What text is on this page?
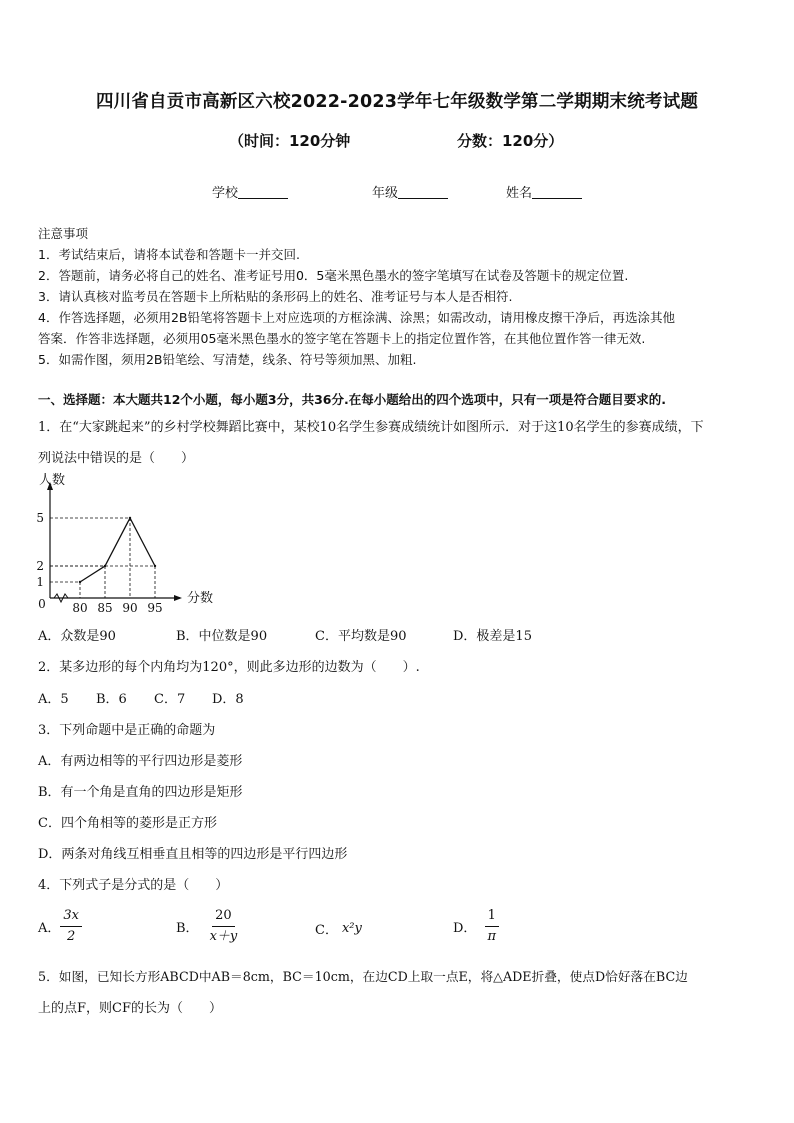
四川省自贡市高新区六校2022-2023学年七年级数学第二学期期末统考试题
（时间：120分钟	分数：120分）
学校	年级	姓名
注意事项
1．考试结束后，请将本试卷和答题卡一并交回.
2．答题前，请务必将自己的姓名、准考证号用0．5毫米黑色墨水的签字笔填写在试卷及答题卡的规定位置.
3．请认真核对监考员在答题卡上所粘贴的条形码上的姓名、准考证号与本人是否相符.
4．作答选择题，必须用2B铅笔将答题卡上对应选项的方框涂满、涂黑；如需改动，请用橡皮擦干净后，再选涂其他
答案．作答非选择题，必须用05毫米黑色墨水的签字笔在答题卡上的指定位置作答，在其他位置作答一律无效.
5．如需作图，须用2B铅笔绘、写清楚，线条、符号等须加黑、加粗.
一、选择题：本大题共12个小题，每小题3分，共36分.在每小题给出的四个选项中，只有一项是符合题目要求的.
1．在“大家跳起来”的乡村学校舞蹈比赛中，某校10名学生参赛成绩统计如图所示．对于这10名学生的参赛成绩，下
列说法中错误的是（　　）
人数
分数
0
1
2
5
80 85 90 95
A．众数是90	B．中位数是90	C．平均数是90	D．极差是15
2．某多边形的每个内角均为120°，则此多边形的边数为（　　）.
A．5 B．6 C．7 D．8
3．下列命题中是正确的命题为
A．有两边相等的平行四边形是菱形
B．有一个角是直角的四边形是矩形
C．四个角相等的菱形是正方形
D．两条对角线互相垂直且相等的四边形是平行四边形
4．下列式子是分式的是（　　）
A． $\frac{3x}{2}$	B． $\frac{20}{x+y}$	C． x²y	D． $\frac{1}{\pi}$
5．如图，已知长方形ABCD中AB＝8cm，BC＝10cm，在边CD上取一点E，将△ADE折叠，使点D恰好落在BC边
上的点F，则CF的长为（　　）
